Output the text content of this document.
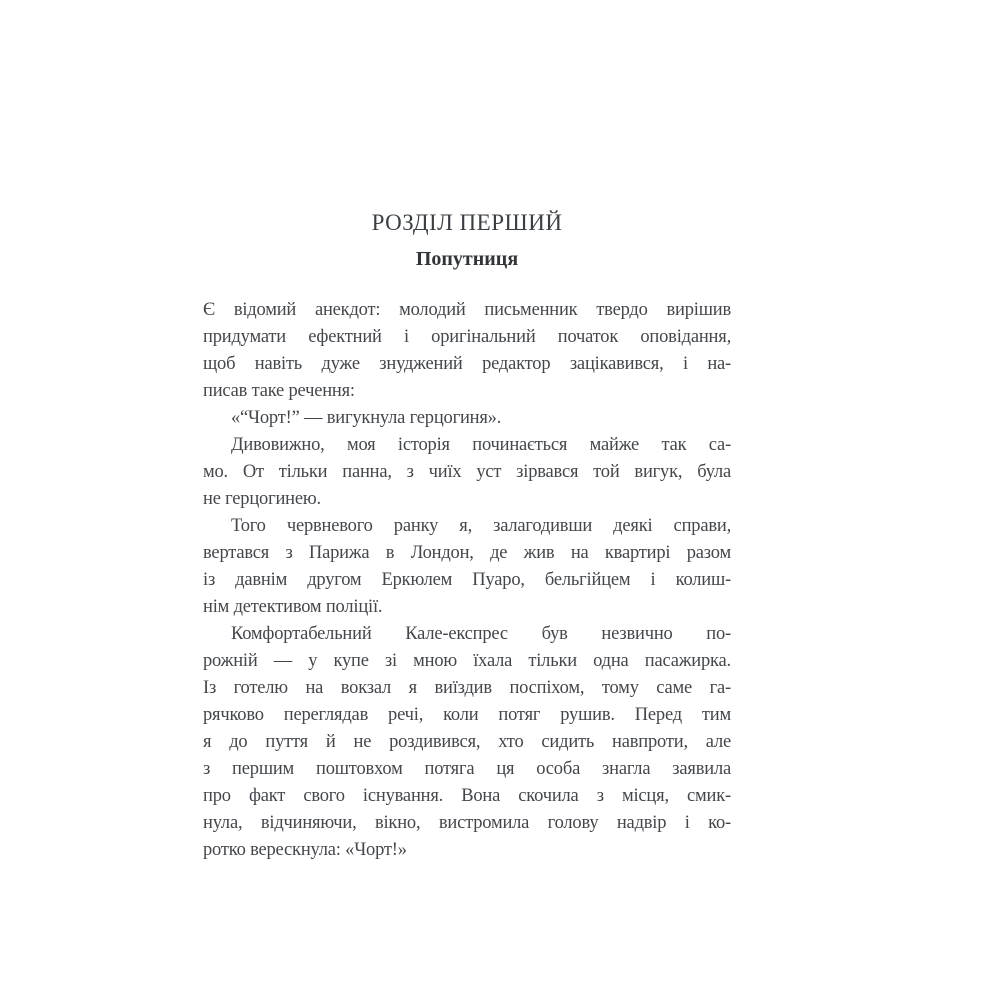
РОЗДІЛ ПЕРШИЙ
Попутниця
Є відомий анекдот: молодий письменник твердо вирішив
придумати ефектний і оригінальний початок оповідання,
щоб навіть дуже знуджений редактор зацікавився, і на-
писав таке речення:
«“Чорт!” — вигукнула герцогиня».
Дивовижно, моя історія починається майже так са-
мо. От тільки панна, з чиїх уст зірвався той вигук, була
не герцогинею.
Того червневого ранку я, залагодивши деякі справи,
вертався з Парижа в Лондон, де жив на квартирі разом
із давнім другом Еркюлем Пуаро, бельгійцем і колиш-
нім детективом поліції.
Комфортабельний Кале-експрес був незвично по-
рожній — у купе зі мною їхала тільки одна пасажирка.
Із готелю на вокзал я виїздив поспіхом, тому саме га-
рячково переглядав речі, коли потяг рушив. Перед тим
я до пуття й не роздивився, хто сидить навпроти, але
з першим поштовхом потяга ця особа знагла заявила
про факт свого існування. Вона скочила з місця, смик-
нула, відчиняючи, вікно, вистромила голову надвір і ко-
ротко верескнула: «Чорт!»
